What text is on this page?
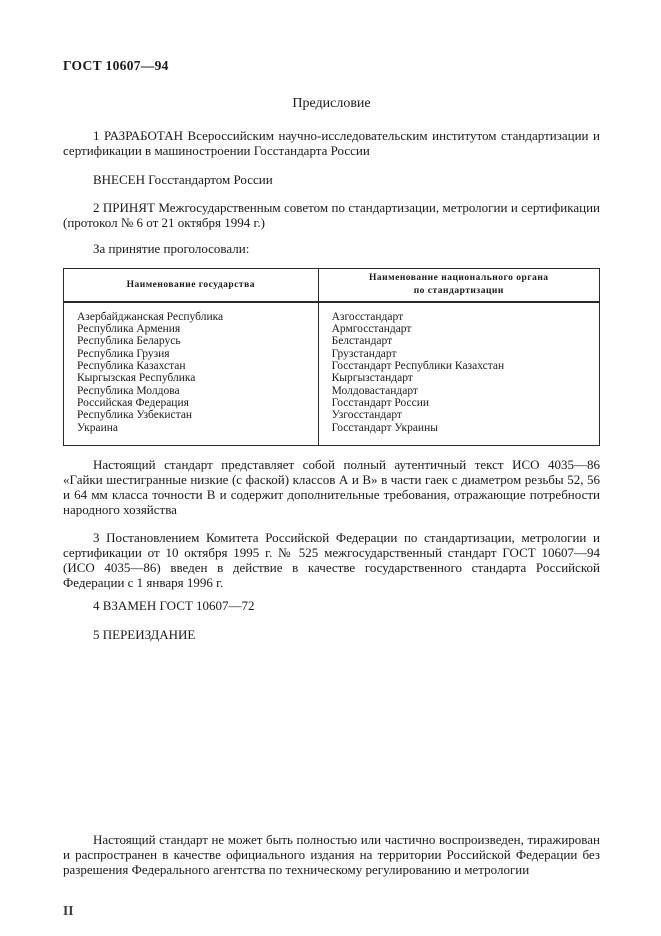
ГОСТ 10607—94
Предисловие

1 РАЗРАБОТАН Всероссийским научно-исследовательским институтом стандартизации и сертификации в машиностроении Госстандарта России

ВНЕСЕН Госстандартом России

2 ПРИНЯТ Межгосударственным советом по стандартизации, метрологии и сертификации (протокол № 6 от 21 октября 1994 г.)

За принятие проголосовали:

Наименование государства	Наименование национального органа
по стандартизации
Азербайджанская Республика	Азгосстандарт
Республика Армения	Армгосстандарт
Республика Беларусь	Белстандарт
Республика Грузия	Грузстандарт
Республика Казахстан	Госстандарт Республики Казахстан
Кыргызская Республика	Кыргызстандарт
Республика Молдова	Молдовастандарт
Российская Федерация	Госстандарт России
Республика Узбекистан	Узгосстандарт
Украина	Госстандарт Украины

Настоящий стандарт представляет собой полный аутентичный текст ИСО 4035—86 «Гайки шестигранные низкие (с фаской) классов А и В» в части гаек с диаметром резьбы 52, 56 и 64 мм класса точности В и содержит дополнительные требования, отражающие потребности народного хозяйства

3 Постановлением Комитета Российской Федерации по стандартизации, метрологии и сертификации от 10 октября 1995 г. № 525 межгосударственный стандарт ГОСТ 10607—94 (ИСО 4035—86) введен в действие в качестве государственного стандарта Российской Федерации с 1 января 1996 г.

4 ВЗАМЕН ГОСТ 10607—72

5 ПЕРЕИЗДАНИЕ

Настоящий стандарт не может быть полностью или частично воспроизведен, тиражирован и распространен в качестве официального издания на территории Российской Федерации без разрешения Федерального агентства по техническому регулированию и метрологии

II
